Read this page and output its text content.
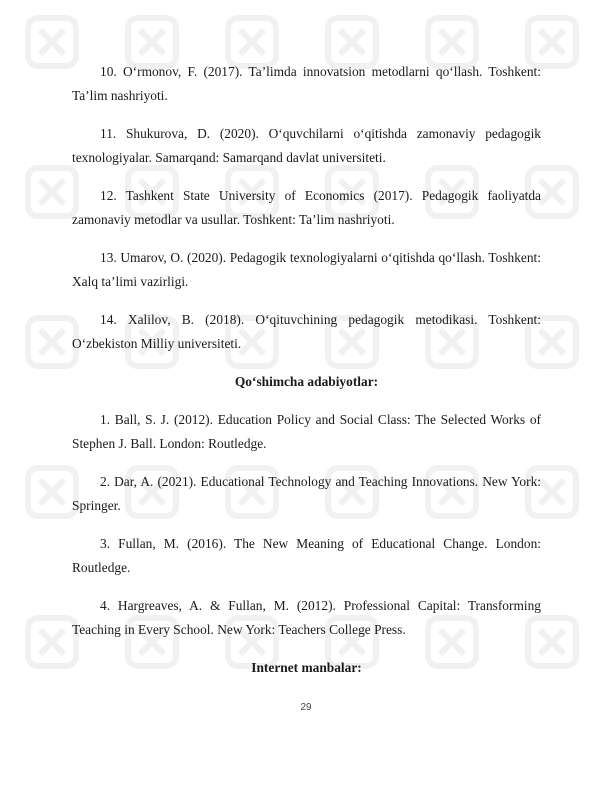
10. O‘rmonov, F. (2017). Ta’limda innovatsion metodlarni qo‘llash. Toshkent: Ta’lim nashriyoti.

11. Shukurova, D. (2020). O‘quvchilarni o‘qitishda zamonaviy pedagogik texnologiyalar. Samarqand: Samarqand davlat universiteti.

12. Tashkent State University of Economics (2017). Pedagogik faoliyatda zamonaviy metodlar va usullar. Toshkent: Ta’lim nashriyoti.

13. Umarov, O. (2020). Pedagogik texnologiyalarni o‘qitishda qo‘llash. Toshkent: Xalq ta’limi vazirligi.

14. Xalilov, B. (2018). O‘qituvchining pedagogik metodikasi. Toshkent: O‘zbekiston Milliy universiteti.

Qo‘shimcha adabiyotlar:

1. Ball, S. J. (2012). Education Policy and Social Class: The Selected Works of Stephen J. Ball. London: Routledge.

2. Dar, A. (2021). Educational Technology and Teaching Innovations. New York: Springer.

3. Fullan, M. (2016). The New Meaning of Educational Change. London: Routledge.

4. Hargreaves, A. & Fullan, M. (2012). Professional Capital: Transforming Teaching in Every School. New York: Teachers College Press.

Internet manbalar:

29
